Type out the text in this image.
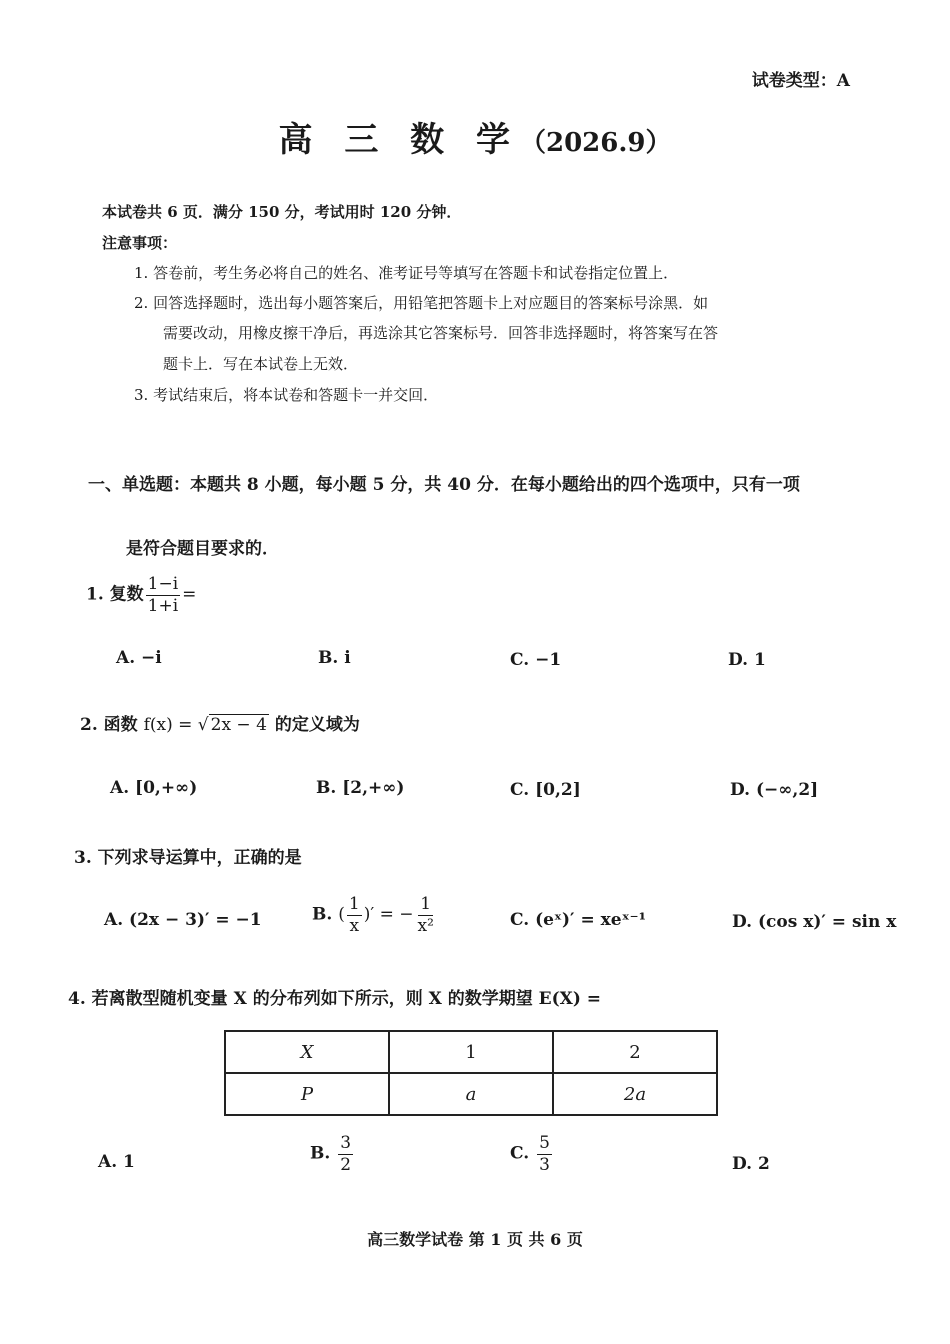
试卷类型：A
高 三 数 学（2026.9）
本试卷共 6 页．满分 150 分，考试用时 120 分钟．
注意事项：
1. 答卷前，考生务必将自己的姓名、准考证号等填写在答题卡和试卷指定位置上．
2. 回答选择题时，选出每小题答案后，用铅笔把答题卡上对应题目的答案标号涂黑．如
需要改动，用橡皮擦干净后，再选涂其它答案标号．回答非选择题时，将答案写在答
题卡上．写在本试卷上无效．
3. 考试结束后，将本试卷和答题卡一并交回．
一、单选题：本题共 8 小题，每小题 5 分，共 40 分．在每小题给出的四个选项中，只有一项
是符合题目要求的．
1. 复数 $\frac{1-i}{1+i}$ =
A. −i	B. i	C. −1	D. 1
2. 函数 f(x) = √ 2x − 4 的定义域为
A. [0,+∞)	B. [2,+∞)	C. [0,2]	D. (−∞,2]
3. 下列求导运算中，正确的是
A. (2x − 3)′ = −1	B. ( $\frac{1}{x}$ )′ = − $\frac{1}{\text{x²}}$	C. (eˣ)′ = xeˣ⁻¹	D. (cos x)′ = sin x
4. 若离散型随机变量 X 的分布列如下所示，则 X 的数学期望 E(X) =
X	1	2
P	a	2a
A. 1	B. $\frac{3}{2}$	C. $\frac{5}{3}$	D. 2
高三数学试卷 第 1 页 共 6 页
